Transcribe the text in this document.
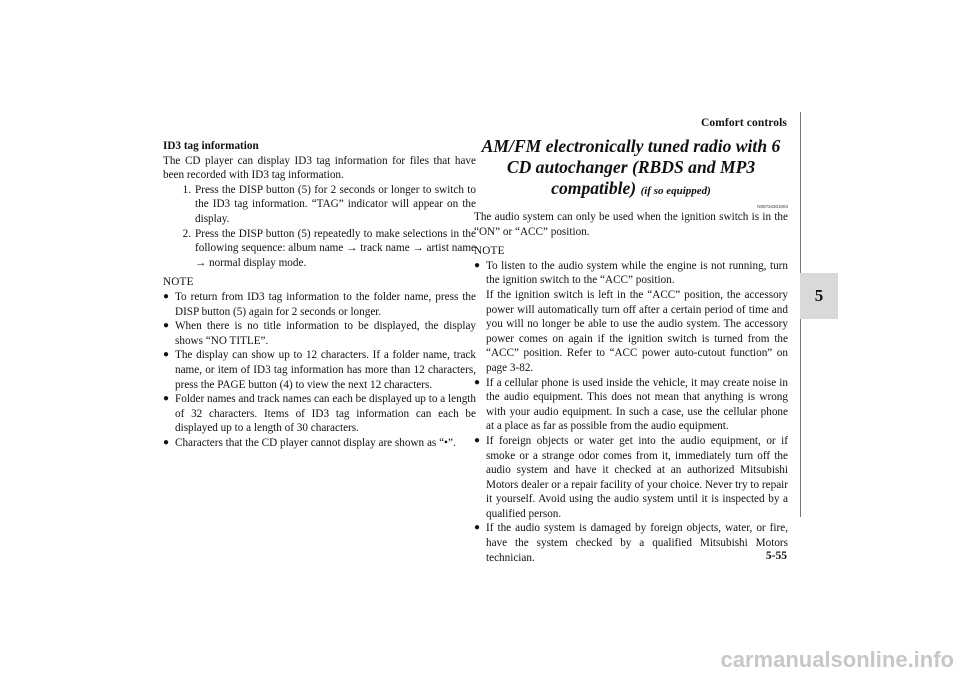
Comfort controls
5

ID3 tag information

The CD player can display ID3 tag information for files that have been recorded with ID3 tag information.

1. Press the DISP button (5) for 2 seconds or longer to switch to the ID3 tag information. “TAG” indicator will appear on the display.
2. Press the DISP button (5) repeatedly to make selections in the following sequence: album name → track name → artist name → normal display mode.
NOTE
● To return from ID3 tag information to the folder name, press the DISP button (5) again for 2 seconds or longer.
● When there is no title information to be displayed, the display shows “NO TITLE”.
● The display can show up to 12 characters. If a folder name, track name, or item of ID3 tag information has more than 12 characters, press the PAGE button (4) to view the next 12 characters.
● Folder names and track names can each be displayed up to a length of 32 characters. Items of ID3 tag information can each be displayed up to a length of 30 characters.
● Characters that the CD player cannot display are shown as “•”.

AM/FM electronically tuned radio with 6 CD autochanger (RBDS and MP3 compatible) (if so equipped)

N00734301004

The audio system can only be used when the ignition switch is in the “ON” or “ACC” position.

NOTE
● To listen to the audio system while the engine is not running, turn the ignition switch to the “ACC” position.
If the ignition switch is left in the “ACC” position, the accessory power will automatically turn off after a certain period of time and you will no longer be able to use the audio system. The accessory power comes on again if the ignition switch is turned from the “ACC” position. Refer to “ACC power auto-cutout function” on page 3-82.
● If a cellular phone is used inside the vehicle, it may create noise in the audio equipment. This does not mean that anything is wrong with your audio equipment. In such a case, use the cellular phone at a place as far as possible from the audio equipment.
● If foreign objects or water get into the audio equipment, or if smoke or a strange odor comes from it, immediately turn off the audio system and have it checked at an authorized Mitsubishi Motors dealer or a repair facility of your choice. Never try to repair it yourself. Avoid using the audio system until it is inspected by a qualified person.
● If the audio system is damaged by foreign objects, water, or fire, have the system checked by a qualified Mitsubishi Motors technician.	5-55
carmanualsonline.info
